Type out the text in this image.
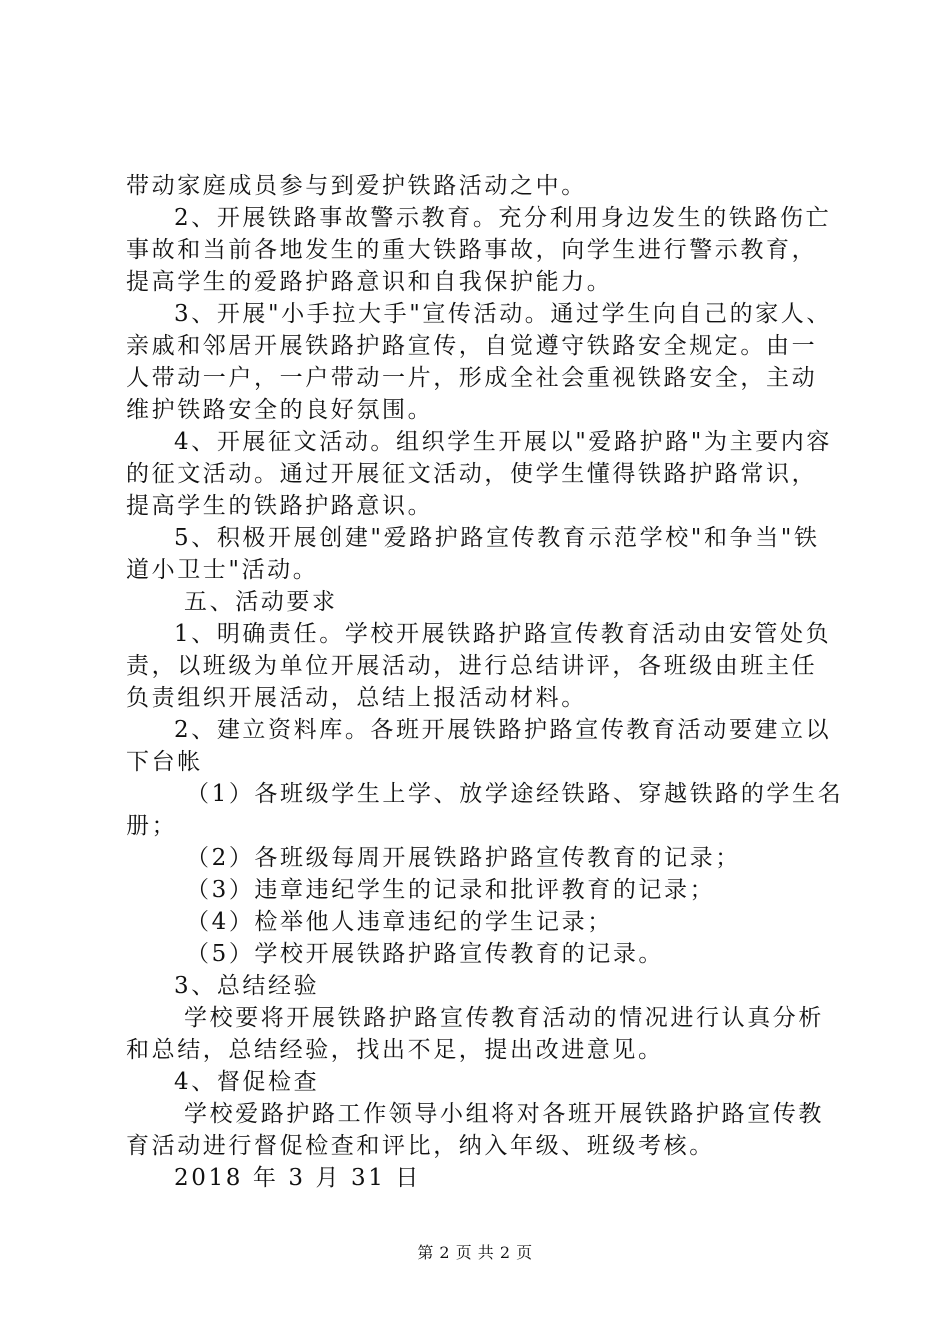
带动家庭成员参与到爱护铁路活动之中。
2、开展铁路事故警示教育。充分利用身边发生的铁路伤亡
事故和当前各地发生的重大铁路事故，向学生进行警示教育，
提高学生的爱路护路意识和自我保护能力。
3、开展"小手拉大手"宣传活动。通过学生向自己的家人、
亲戚和邻居开展铁路护路宣传，自觉遵守铁路安全规定。由一
人带动一户，一户带动一片，形成全社会重视铁路安全，主动
维护铁路安全的良好氛围。
4、开展征文活动。组织学生开展以"爱路护路"为主要内容
的征文活动。通过开展征文活动，使学生懂得铁路护路常识，
提高学生的铁路护路意识。
5、积极开展创建"爱路护路宣传教育示范学校"和争当"铁
道小卫士"活动。
五、活动要求
1、明确责任。学校开展铁路护路宣传教育活动由安管处负
责，以班级为单位开展活动，进行总结讲评，各班级由班主任
负责组织开展活动，总结上报活动材料。
2、建立资料库。各班开展铁路护路宣传教育活动要建立以
下台帐
（1）各班级学生上学、放学途经铁路、穿越铁路的学生名
册；
（2）各班级每周开展铁路护路宣传教育的记录；
（3）违章违纪学生的记录和批评教育的记录；
（4）检举他人违章违纪的学生记录；
（5）学校开展铁路护路宣传教育的记录。
3、总结经验
学校要将开展铁路护路宣传教育活动的情况进行认真分析
和总结，总结经验，找出不足，提出改进意见。
4、督促检查
学校爱路护路工作领导小组将对各班开展铁路护路宣传教
育活动进行督促检查和评比，纳入年级、班级考核。
2018 年 3 月 31 日
第 2 页 共 2 页
